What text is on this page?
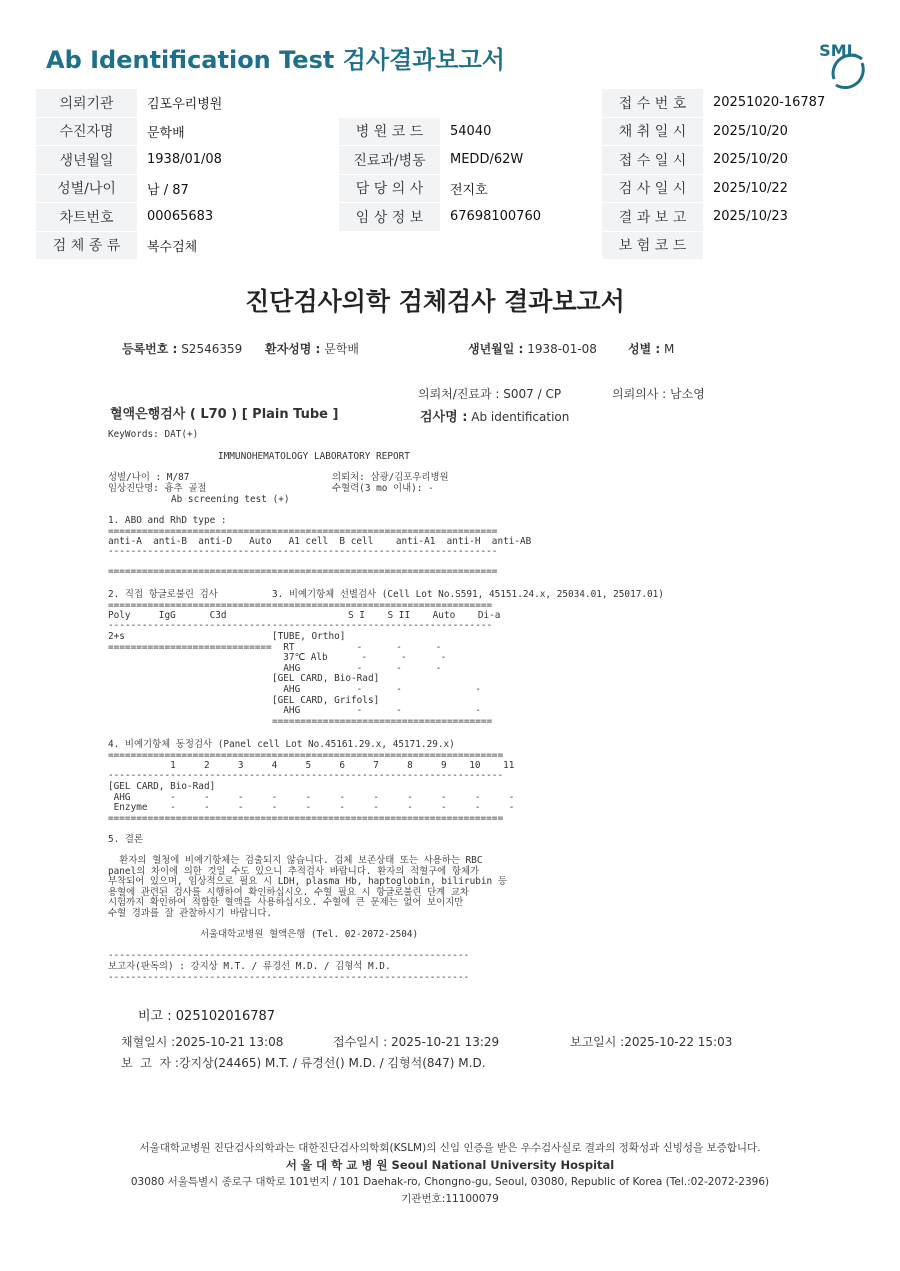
Ab Identification Test 검사결과보고서

	SML

의뢰기관	김포우리병원			접 수 번 호	20251020-16787
수진자명	문학배	병 원 코 드	54040	채 취 일 시	2025/10/20
생년월일	1938/01/08	진료과/병동	MEDD/62W	접 수 일 시	2025/10/20
성별/나이	남 / 87	담 당 의 사	전지호	검 사 일 시	2025/10/22
차트번호	00065683	임 상 정 보	67698100760	결 과 보 고	2025/10/23
검 체 종 류	복수검체			보 험 코 드	
진단검사의학 검체검사 결과보고서
등록번호 : S2546359 환자성명 : 문학배	생년월일 : 1938-01-08	성별 : M
의뢰처/진료과 : S007 / CP	의뢰의사 : 남소영
혈액은행검사 ( L70 ) [ Plain Tube ]	검사명 : Ab identification
KeyWords: DAT(+)
IMMUNOHEMATOLOGY LABORATORY REPORT
성별/나이 : M/87	의뢰처: 삼광/김포우리병원
임상진단명: 흉추 골절	수혈력(3 mo 이내): -
Ab screening test (+)
1. ABO and RhD type :
=====================================================================
anti-A  anti-B  anti-D   Auto   A1 cell  B cell    anti-A1  anti-H  anti-AB
---------------------------------------------------------------------
=====================================================================
2. 직접 항글로불린 검사
=============================
Poly     IgG      C3d
-----------------------------
2+s
=============================
3. 비예기항체 선별검사 (Cell Lot No.S591, 45151.24.x, 25034.01, 25017.01)
=======================================
S I    S II    Auto    Di-a
---------------------------------------
[TUBE, Ortho]
RT           -      -      -
37℃ Alb      -      -      -
AHG          -      -      -
[GEL CARD, Bio-Rad]
AHG          -      -             -
[GEL CARD, Grifols]
AHG          -      -             -
=======================================
4. 비예기항체 동정검사 (Panel cell Lot No.45161.29.x, 45171.29.x)
======================================================================
1     2     3     4     5     6     7     8     9    10    11
----------------------------------------------------------------------
[GEL CARD, Bio-Rad]
AHG       -     -     -     -     -     -     -     -     -     -     -
Enzyme    -     -     -     -     -     -     -     -     -     -     -
======================================================================
5. 결론
환자의 혈청에 비예기항체는 검출되지 않습니다. 검체 보존상태 또는 사용하는 RBC
panel의 차이에 의한 것일 수도 있으니 추적검사 바랍니다. 환자의 적혈구에 항체가
부착되어 있으며, 임상적으로 필요 시 LDH, plasma Hb, haptoglobin, bilirubin 등
용혈에 관련된 검사를 시행하여 확인하십시오. 수혈 필요 시 항글로불린 단계 교차
시험까지 확인하여 적합한 혈액을 사용하십시오. 수혈에 큰 문제는 없어 보이지만
수혈 경과를 잘 관찰하시기 바랍니다.
서울대학교병원 혈액은행 (Tel. 02-2072-2504)
----------------------------------------------------------------
보고자(판독의) : 강지상 M.T. / 류경선 M.D. / 김형석 M.D.
----------------------------------------------------------------
비고 : 025102016787
채혈일시 :2025-10-21 13:08	접수일시 : 2025-10-21 13:29	보고일시 :2025-10-22 15:03
보  고  자 :강지상(24465) M.T. / 류경선() M.D. / 김형석(847) M.D.
서울대학교병원 진단검사의학과는 대한진단검사의학회(KSLM)의 신임 인증을 받은 우수검사실로 결과의 정확성과 신빙성을 보증합니다.
서 울 대 학 교 병 원 Seoul National University Hospital
03080 서울특별시 종로구 대학로 101번지 / 101 Daehak-ro, Chongno-gu, Seoul, 03080, Republic of Korea (Tel.:02-2072-2396)
기관번호:11100079
